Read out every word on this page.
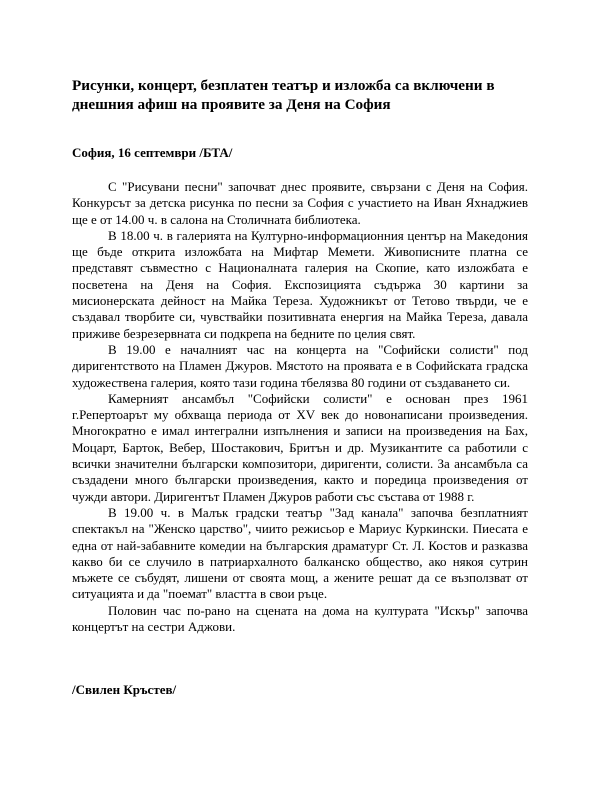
Рисунки, концерт, безплатен театър и изложба са включени в днешния афиш на проявите за Деня на София

София, 16 септември /БТА/

С "Рисувани песни" започват днес проявите, свързани с Деня на София. Конкурсът за детска рисунка по песни за София с участието на Иван Яхнаджиев ще е от 14.00 ч. в салона на Столичната библиотека.

В 18.00 ч. в галерията на Културно-информационния център на Македония ще бъде открита изложбата на Мифтар Мемети. Живописните платна се представят съвместно с Националната галерия на Скопие, като изложбата е посветена на Деня на София. Експозицията съдържа 30 картини за мисионерската дейност на Майка Тереза. Художникът от Тетово твърди, че е създавал творбите си, чувствайки позитивната енергия на Майка Тереза, давала приживе безрезервната си подкрепа на бедните по целия свят.

В 19.00 е началният час на концерта на "Софийски солисти" под диригентството на Пламен Джуров. Мястото на проявата е в Софийската градска художествена галерия, която тази година тбелязва 80 години от създаването си.

Камерният ансамбъл "Софийски солисти" е основан през 1961 г.Репертоарът му обхваща периода от XV век до новонаписани произведения. Многократно е имал интегрални изпълнения и записи на произведения на Бах, Моцарт, Барток, Вебер, Шостакович, Бритън и др. Музикантите са работили с всички значителни български композитори, диригенти, солисти. За ансамбъла са създадени много български произведения, както и поредица произведения от чужди автори. Диригентът Пламен Джуров работи със състава от 1988 г.

В 19.00 ч. в Малък градски театър "Зад канала" започва безплатният спектакъл на "Женско царство", чиито режисьор е Мариус Куркински. Пиесата е една от най-забавните комедии на българския драматург Ст. Л. Костов и разказва какво би се случило в патриархалното балканско общество, ако някоя сутрин мъжете се събудят, лишени от своята мощ, а жените решат да се възползват от ситуацията и да "поемат" властта в свои ръце.

Половин час по-рано на сцената на дома на културата "Искър" започва концертът на сестри Аджови.

/Свилен Кръстев/
